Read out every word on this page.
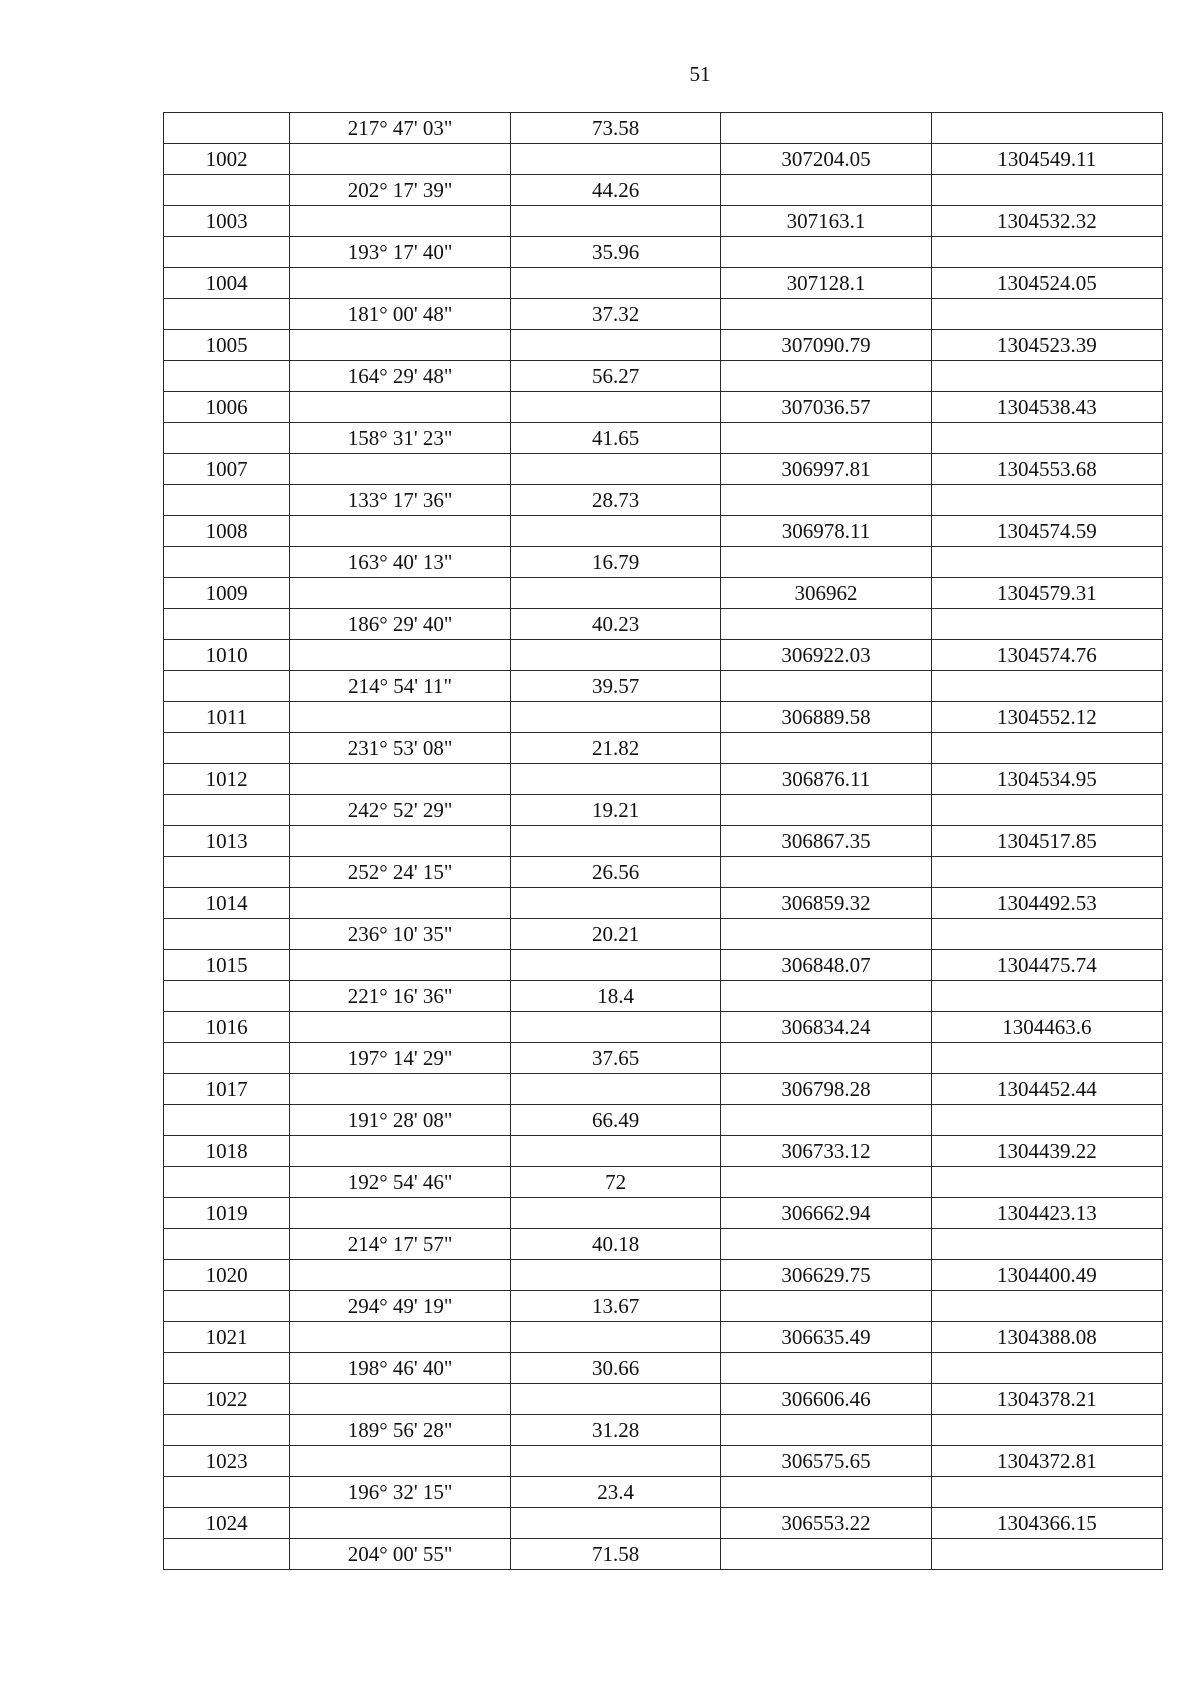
51
	217° 47' 03"	73.58		
1002			307204.05	1304549.11
	202° 17' 39"	44.26		
1003			307163.1	1304532.32
	193° 17' 40"	35.96		
1004			307128.1	1304524.05
	181° 00' 48"	37.32		
1005			307090.79	1304523.39
	164° 29' 48"	56.27		
1006			307036.57	1304538.43
	158° 31' 23"	41.65		
1007			306997.81	1304553.68
	133° 17' 36"	28.73		
1008			306978.11	1304574.59
	163° 40' 13"	16.79		
1009			306962	1304579.31
	186° 29' 40"	40.23		
1010			306922.03	1304574.76
	214° 54' 11"	39.57		
1011			306889.58	1304552.12
	231° 53' 08"	21.82		
1012			306876.11	1304534.95
	242° 52' 29"	19.21		
1013			306867.35	1304517.85
	252° 24' 15"	26.56		
1014			306859.32	1304492.53
	236° 10' 35"	20.21		
1015			306848.07	1304475.74
	221° 16' 36"	18.4		
1016			306834.24	1304463.6
	197° 14' 29"	37.65		
1017			306798.28	1304452.44
	191° 28' 08"	66.49		
1018			306733.12	1304439.22
	192° 54' 46"	72		
1019			306662.94	1304423.13
	214° 17' 57"	40.18		
1020			306629.75	1304400.49
	294° 49' 19"	13.67		
1021			306635.49	1304388.08
	198° 46' 40"	30.66		
1022			306606.46	1304378.21
	189° 56' 28"	31.28		
1023			306575.65	1304372.81
	196° 32' 15"	23.4		
1024			306553.22	1304366.15
	204° 00' 55"	71.58		
